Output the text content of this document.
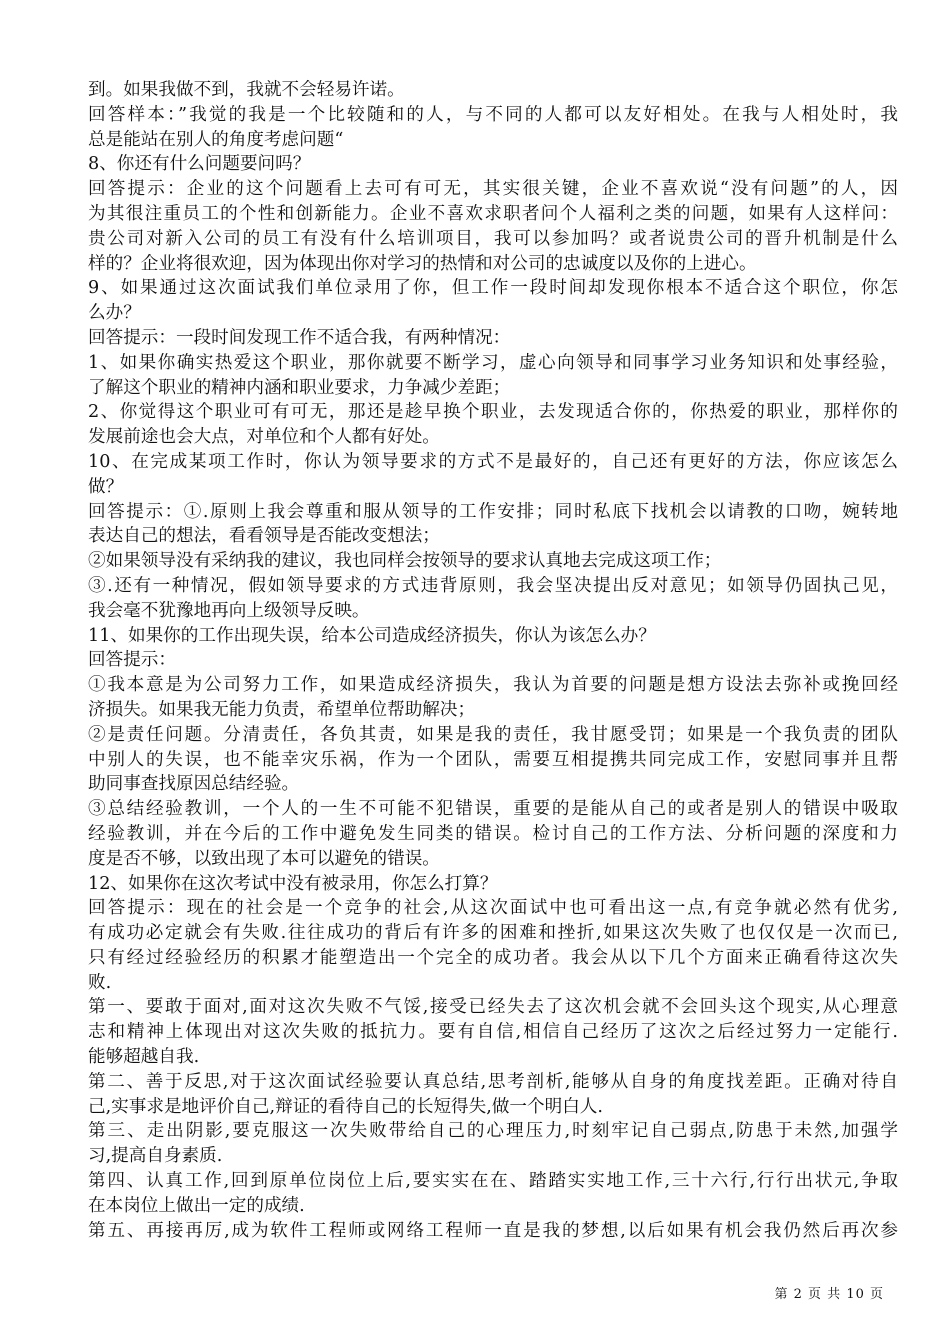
到。如果我做不到，我就不会轻易许诺。
回答样本：”我觉的我是一个比较随和的人，与不同的人都可以友好相处。在我与人相处时，我
总是能站在别人的角度考虑问题“
8、你还有什么问题要问吗？
回答提示：企业的这个问题看上去可有可无，其实很关键，企业不喜欢说“没有问题”的人，因
为其很注重员工的个性和创新能力。企业不喜欢求职者问个人福利之类的问题，如果有人这样问：
贵公司对新入公司的员工有没有什么培训项目，我可以参加吗？或者说贵公司的晋升机制是什么
样的？企业将很欢迎，因为体现出你对学习的热情和对公司的忠诚度以及你的上进心。
9、如果通过这次面试我们单位录用了你，但工作一段时间却发现你根本不适合这个职位，你怎
么办？
回答提示：一段时间发现工作不适合我，有两种情况：
1、如果你确实热爱这个职业，那你就要不断学习，虚心向领导和同事学习业务知识和处事经验，
了解这个职业的精神内涵和职业要求，力争减少差距；
2、你觉得这个职业可有可无，那还是趁早换个职业，去发现适合你的，你热爱的职业，那样你的
发展前途也会大点，对单位和个人都有好处。
10、在完成某项工作时，你认为领导要求的方式不是最好的，自己还有更好的方法，你应该怎么
做？
回答提示：①.原则上我会尊重和服从领导的工作安排；同时私底下找机会以请教的口吻，婉转地
表达自己的想法，看看领导是否能改变想法；
②如果领导没有采纳我的建议，我也同样会按领导的要求认真地去完成这项工作；
③.还有一种情况，假如领导要求的方式违背原则，我会坚决提出反对意见；如领导仍固执己见，
我会毫不犹豫地再向上级领导反映。
11、如果你的工作出现失误，给本公司造成经济损失，你认为该怎么办？
回答提示：
①我本意是为公司努力工作，如果造成经济损失，我认为首要的问题是想方设法去弥补或挽回经
济损失。如果我无能力负责，希望单位帮助解决；
②是责任问题。分清责任，各负其责，如果是我的责任，我甘愿受罚；如果是一个我负责的团队
中别人的失误，也不能幸灾乐祸，作为一个团队，需要互相提携共同完成工作，安慰同事并且帮
助同事查找原因总结经验。
③总结经验教训，一个人的一生不可能不犯错误，重要的是能从自己的或者是别人的错误中吸取
经验教训，并在今后的工作中避免发生同类的错误。检讨自己的工作方法、分析问题的深度和力
度是否不够，以致出现了本可以避免的错误。
12、如果你在这次考试中没有被录用，你怎么打算？
回答提示：现在的社会是一个竞争的社会,从这次面试中也可看出这一点,有竞争就必然有优劣,
有成功必定就会有失败.往往成功的背后有许多的困难和挫折,如果这次失败了也仅仅是一次而已,
只有经过经验经历的积累才能塑造出一个完全的成功者。我会从以下几个方面来正确看待这次失
败.
第一、要敢于面对,面对这次失败不气馁,接受已经失去了这次机会就不会回头这个现实,从心理意
志和精神上体现出对这次失败的抵抗力。要有自信,相信自己经历了这次之后经过努力一定能行.
能够超越自我.
第二、善于反思,对于这次面试经验要认真总结,思考剖析,能够从自身的角度找差距。正确对待自
己,实事求是地评价自己,辩证的看待自己的长短得失,做一个明白人.
第三、走出阴影,要克服这一次失败带给自己的心理压力,时刻牢记自己弱点,防患于未然,加强学
习,提高自身素质.
第四、认真工作,回到原单位岗位上后,要实实在在、踏踏实实地工作,三十六行,行行出状元,争取
在本岗位上做出一定的成绩.
第五、再接再厉,成为软件工程师或网络工程师一直是我的梦想,以后如果有机会我仍然后再次参
第 2 页 共 10 页
